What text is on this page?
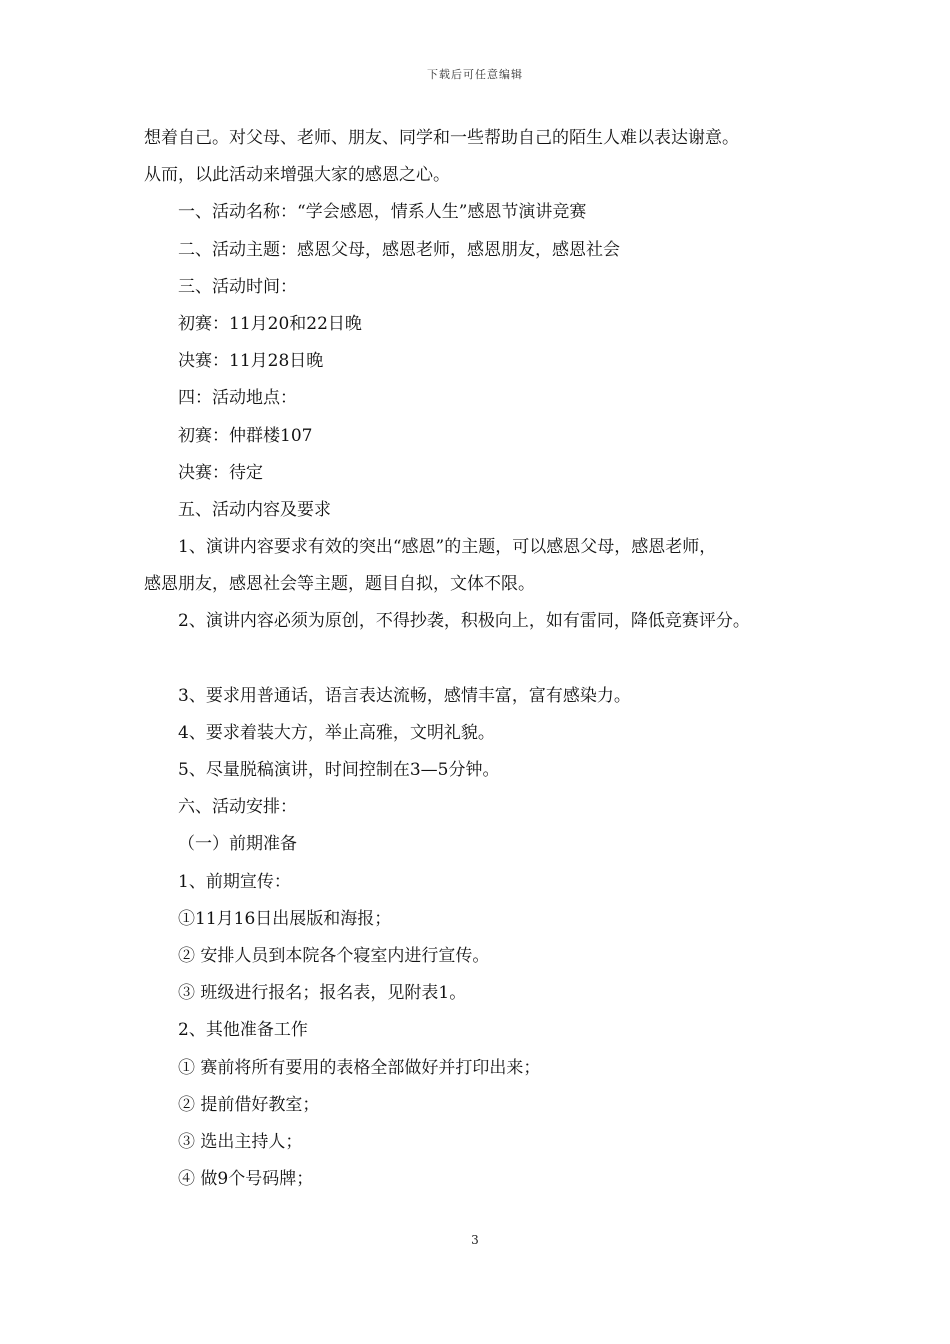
下载后可任意编辑
想着自己。对父母、老师、朋友、同学和一些帮助自己的陌生人难以表达谢意。
从而，以此活动来增强大家的感恩之心。
一、活动名称：“学会感恩，情系人生”感恩节演讲竞赛
二、活动主题：感恩父母，感恩老师，感恩朋友，感恩社会
三、活动时间：
初赛：11月20和22日晚
决赛：11月28日晚
四：活动地点：
初赛：仲群楼107
决赛：待定
五、活动内容及要求
1、演讲内容要求有效的突出“感恩”的主题，可以感恩父母，感恩老师，
感恩朋友，感恩社会等主题，题目自拟，文体不限。
2、演讲内容必须为原创，不得抄袭，积极向上，如有雷同，降低竞赛评分。
3、要求用普通话，语言表达流畅，感情丰富，富有感染力。
4、要求着装大方，举止高雅，文明礼貌。
5、尽量脱稿演讲，时间控制在3—5分钟。
六、活动安排：
（一）前期准备
1、前期宣传：
①11月16日出展版和海报；
② 安排人员到本院各个寝室内进行宣传。
③ 班级进行报名；报名表，见附表1。
2、其他准备工作
① 赛前将所有要用的表格全部做好并打印出来；
② 提前借好教室；
③ 选出主持人；
④ 做9个号码牌；
3
